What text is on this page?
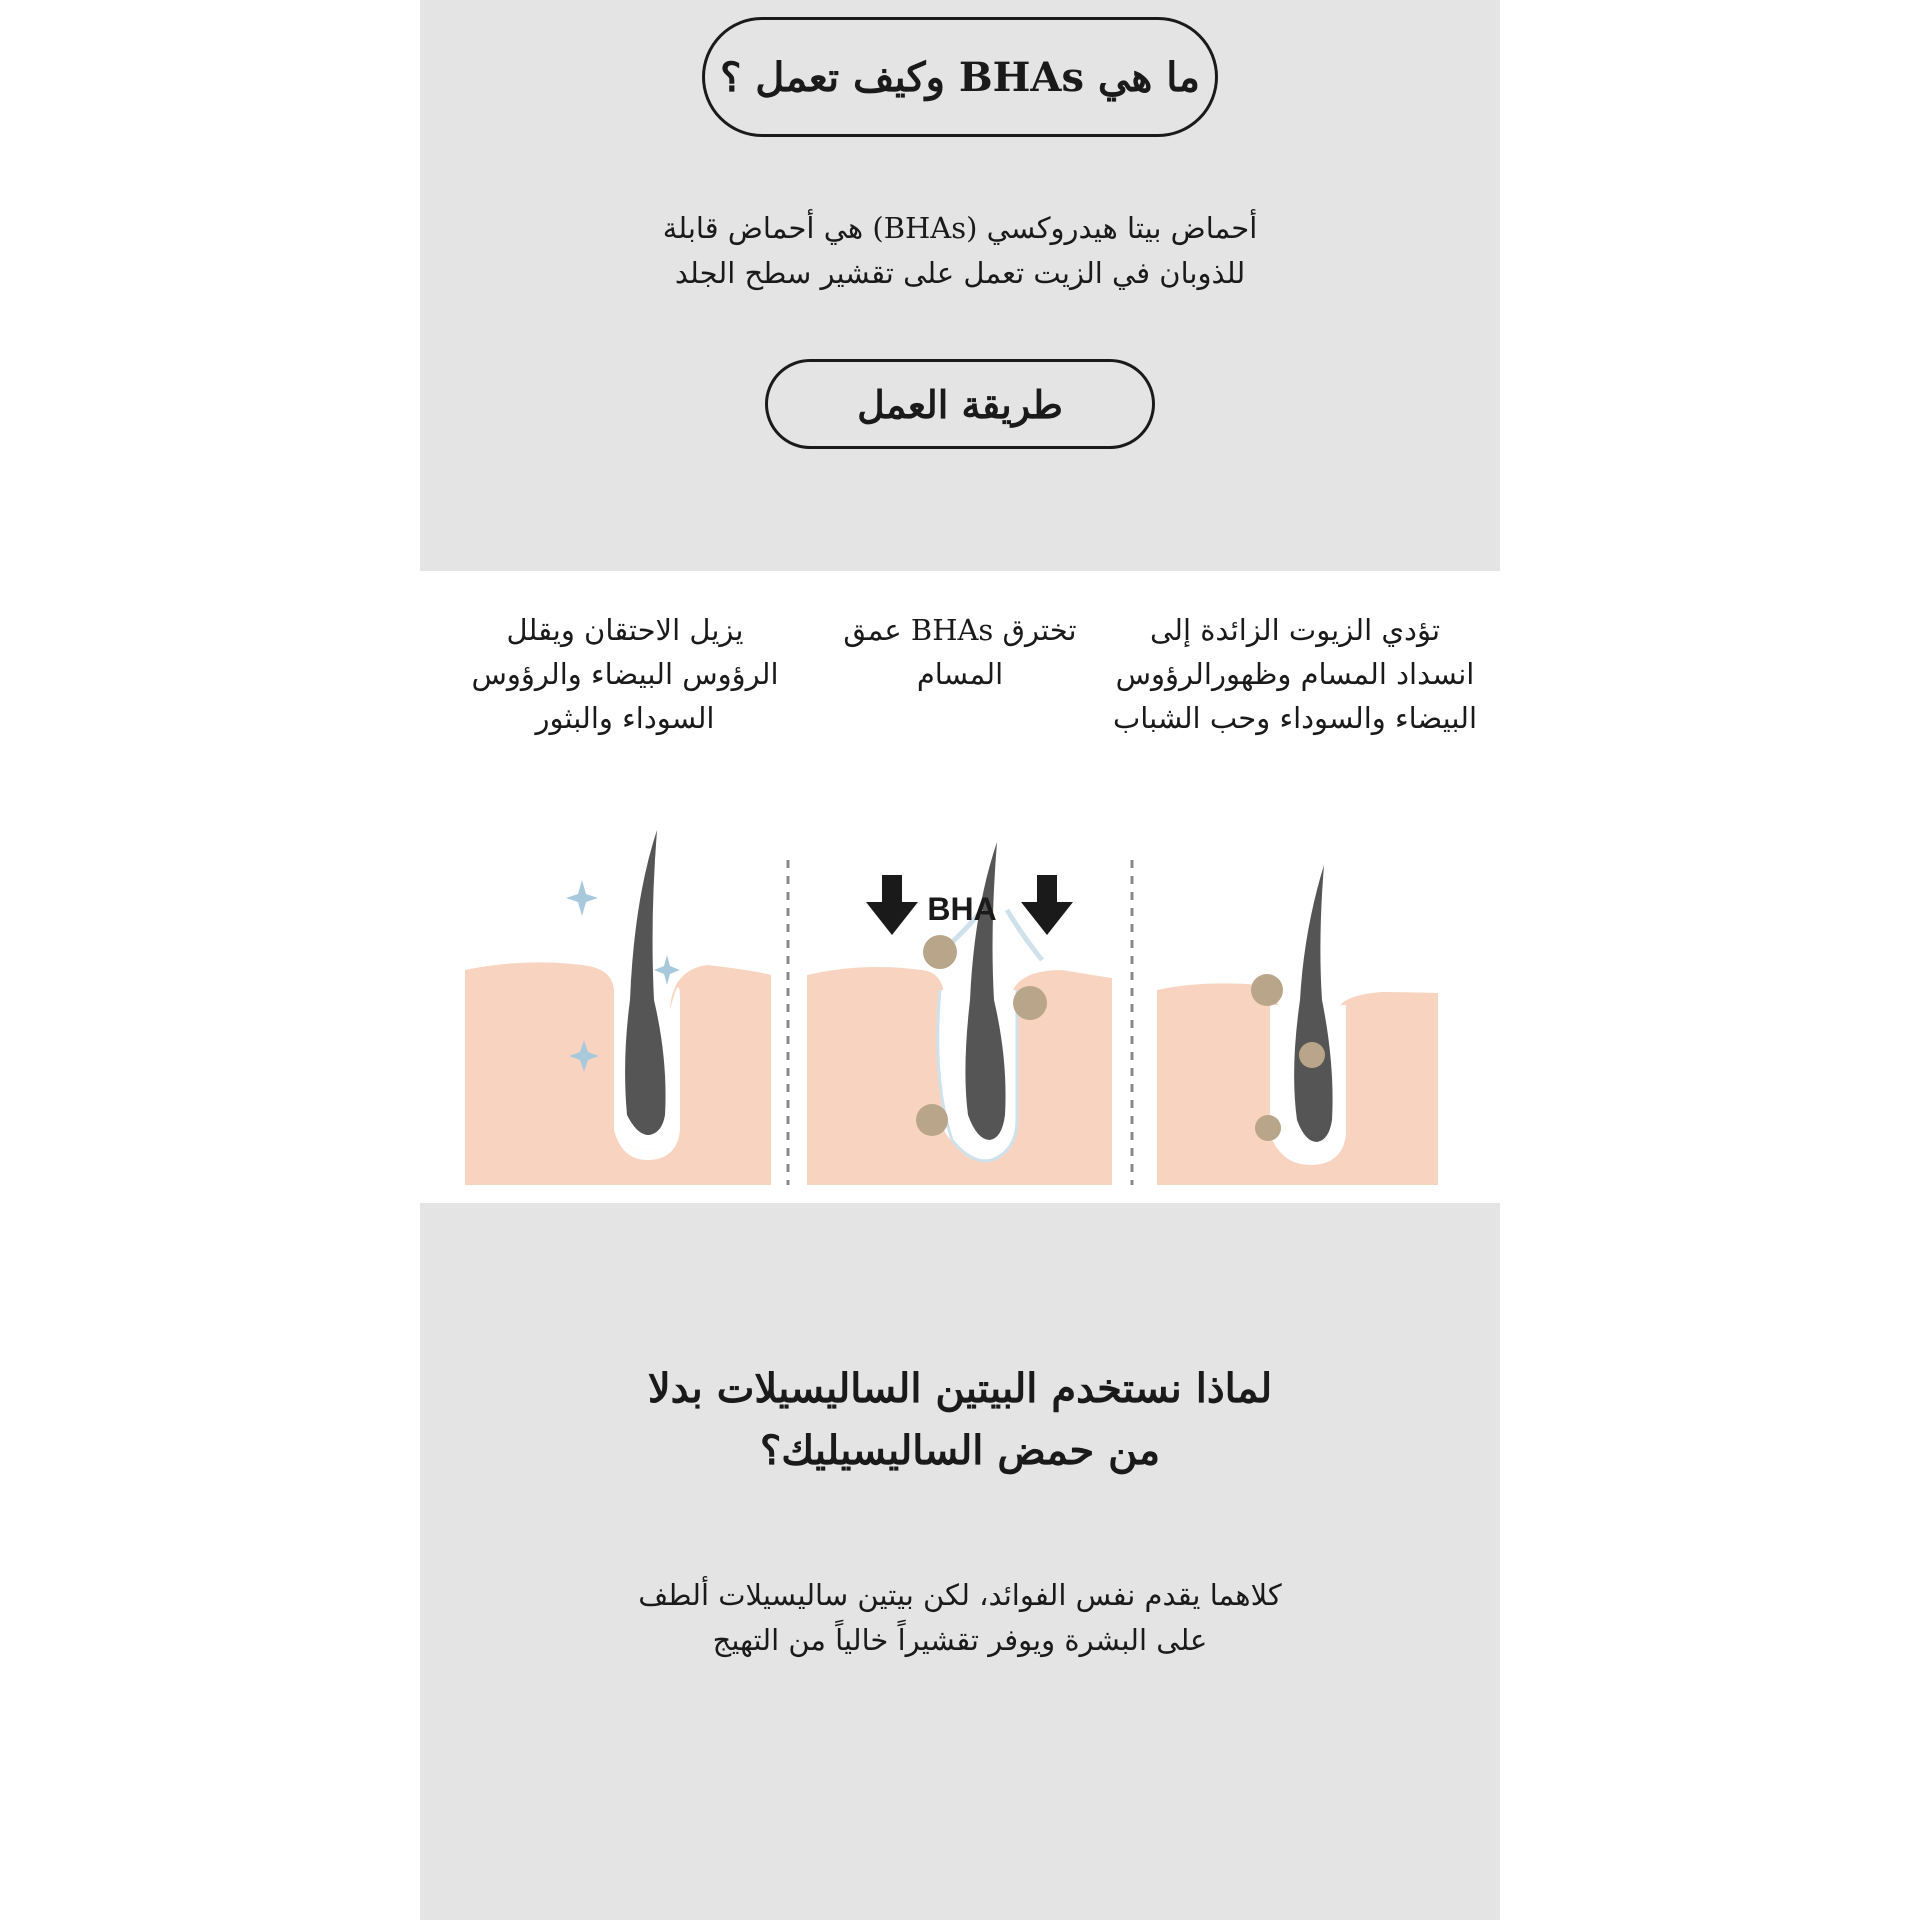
ما هي BHAs وكيف تعمل ؟
أحماض بيتا هيدروكسي (BHAs) هي أحماض قابلة للذوبان في الزيت تعمل على تقشير سطح الجلد
طريقة العمل
تؤدي الزيوت الزائدة إلى انسداد المسام وظهورالرؤوس البيضاء والسوداء وحب الشباب
تخترق BHAs عمق المسام
يزيل الاحتقان ويقلل الرؤوس البيضاء والرؤوس السوداء والبثور
BHA
لماذا نستخدم البيتين الساليسيلات بدلا من حمض الساليسيليك؟
كلاهما يقدم نفس الفوائد، لكن بيتين ساليسيلات ألطف على البشرة ويوفر تقشيراً خالياً من التهيج
